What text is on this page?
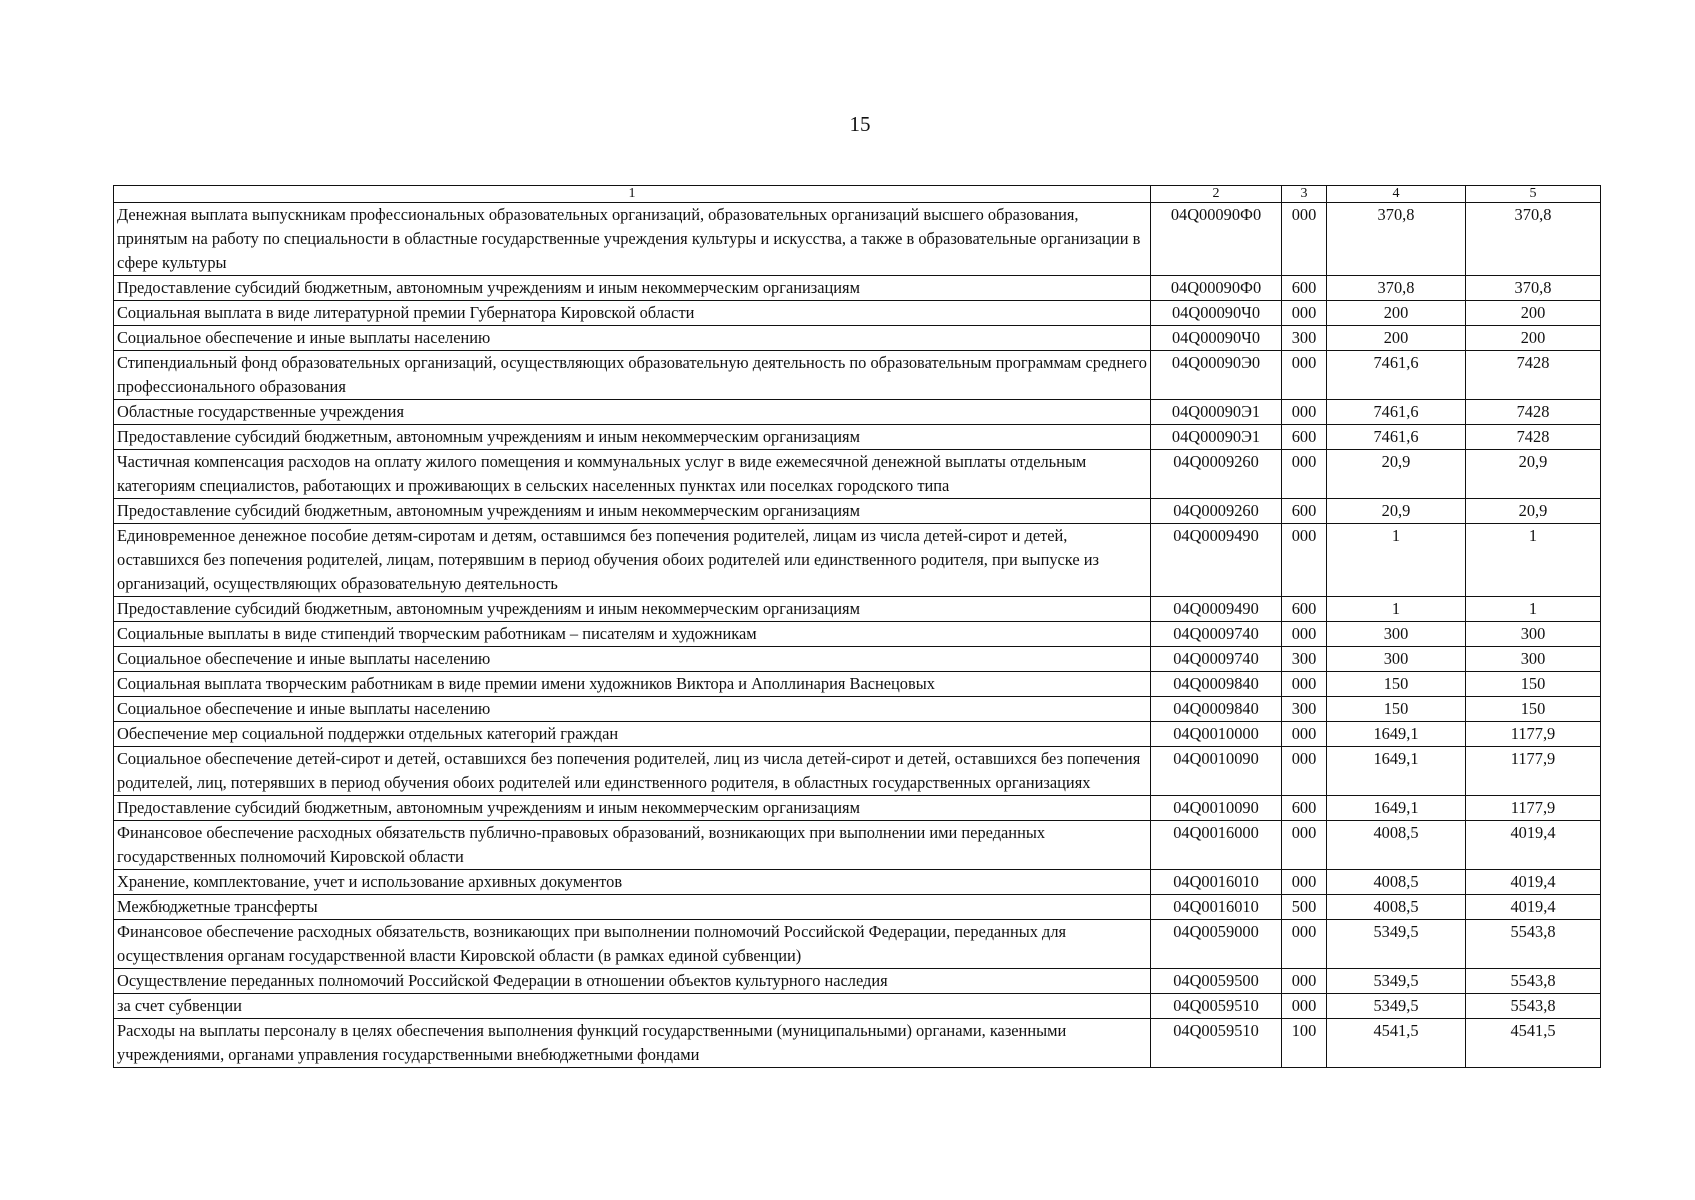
15
1	2	3	4	5
Денежная выплата выпускникам профессиональных образовательных организаций, образовательных организаций высшего образования, принятым на работу по специальности в областные государственные учреждения культуры и искусства, а также в образовательные организации в сфере культуры	04Q00090Ф0	000	370,8	370,8
Предоставление субсидий бюджетным, автономным учреждениям и иным некоммерческим организациям	04Q00090Ф0	600	370,8	370,8
Социальная выплата в виде литературной премии Губернатора Кировской области	04Q00090Ч0	000	200	200
Социальное обеспечение и иные выплаты населению	04Q00090Ч0	300	200	200
Стипендиальный фонд образовательных организаций, осуществляющих образовательную деятельность по образовательным программам среднего профессионального образования	04Q00090Э0	000	7461,6	7428
Областные государственные учреждения	04Q00090Э1	000	7461,6	7428
Предоставление субсидий бюджетным, автономным учреждениям и иным некоммерческим организациям	04Q00090Э1	600	7461,6	7428
Частичная компенсация расходов на оплату жилого помещения и коммунальных услуг в виде ежемесячной денежной выплаты отдельным категориям специалистов, работающих и проживающих в сельских населенных пунктах или поселках городского типа	04Q0009260	000	20,9	20,9
Предоставление субсидий бюджетным, автономным учреждениям и иным некоммерческим организациям	04Q0009260	600	20,9	20,9
Единовременное денежное пособие детям-сиротам и детям, оставшимся без попечения родителей, лицам из числа детей-сирот и детей, оставшихся без попечения родителей, лицам, потерявшим в период обучения обоих родителей или единственного родителя, при выпуске из организаций, осуществляющих образовательную деятельность	04Q0009490	000	1	1
Предоставление субсидий бюджетным, автономным учреждениям и иным некоммерческим организациям	04Q0009490	600	1	1
Социальные выплаты в виде стипендий творческим работникам – писателям и художникам	04Q0009740	000	300	300
Социальное обеспечение и иные выплаты населению	04Q0009740	300	300	300
Социальная выплата творческим работникам в виде премии имени художников Виктора и Аполлинария Васнецовых	04Q0009840	000	150	150
Социальное обеспечение и иные выплаты населению	04Q0009840	300	150	150
Обеспечение мер социальной поддержки отдельных категорий граждан	04Q0010000	000	1649,1	1177,9
Социальное обеспечение детей-сирот и детей, оставшихся без попечения родителей, лиц из числа детей-сирот и детей, оставшихся без попечения родителей, лиц, потерявших в период обучения обоих родителей или единственного родителя, в областных государственных организациях	04Q0010090	000	1649,1	1177,9
Предоставление субсидий бюджетным, автономным учреждениям и иным некоммерческим организациям	04Q0010090	600	1649,1	1177,9
Финансовое обеспечение расходных обязательств публично-правовых образований, возникающих при выполнении ими переданных государственных полномочий Кировской области	04Q0016000	000	4008,5	4019,4
Хранение, комплектование, учет и использование архивных документов	04Q0016010	000	4008,5	4019,4
Межбюджетные трансферты	04Q0016010	500	4008,5	4019,4
Финансовое обеспечение расходных обязательств, возникающих при выполнении полномочий Российской Федерации, переданных для осуществления органам государственной власти Кировской области (в рамках единой субвенции)	04Q0059000	000	5349,5	5543,8
Осуществление переданных полномочий Российской Федерации в отношении объектов культурного наследия	04Q0059500	000	5349,5	5543,8
за счет субвенции	04Q0059510	000	5349,5	5543,8
Расходы на выплаты персоналу в целях обеспечения выполнения функций государственными (муниципальными) органами, казенными учреждениями, органами управления государственными внебюджетными фондами	04Q0059510	100	4541,5	4541,5
